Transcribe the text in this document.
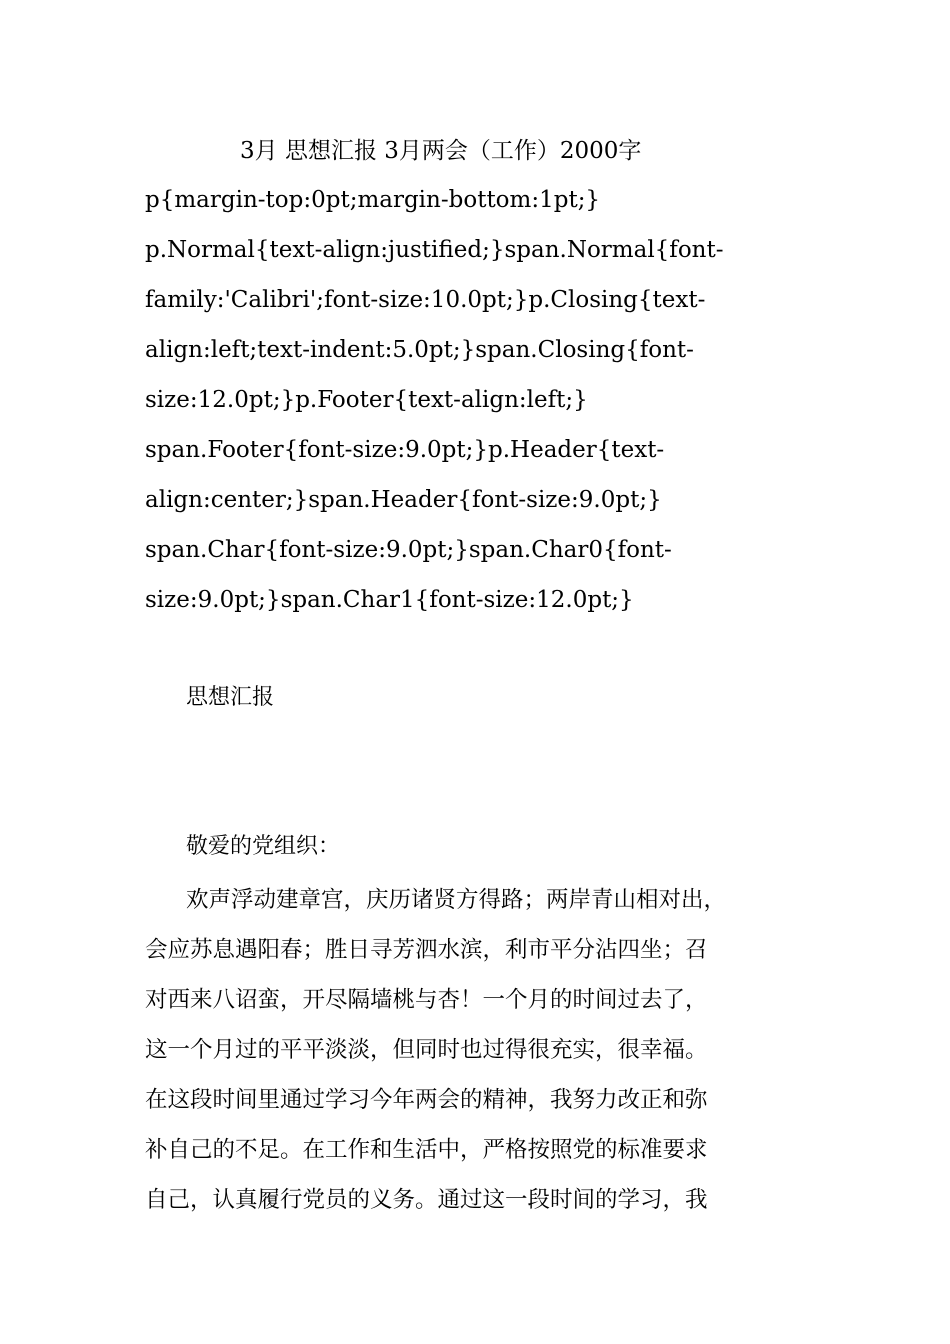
3月 思想汇报 3月两会（工作）2000字
p{margin-top:0pt;margin-bottom:1pt;}
p.Normal{text-align:justified;}span.Normal{font-
family:'Calibri';font-size:10.0pt;}p.Closing{text-
align:left;text-indent:5.0pt;}span.Closing{font-
size:12.0pt;}p.Footer{text-align:left;}
span.Footer{font-size:9.0pt;}p.Header{text-
align:center;}span.Header{font-size:9.0pt;}
span.Char{font-size:9.0pt;}span.Char0{font-
size:9.0pt;}span.Char1{font-size:12.0pt;}
思想汇报
敬爱的党组织：
欢声浮动建章宫，庆历诸贤方得路；两岸青山相对出，
会应苏息遇阳春；胜日寻芳泗水滨，利市平分沾四坐；召
对西来八诏蛮，开尽隔墙桃与杏！一个月的时间过去了，
这一个月过的平平淡淡，但同时也过得很充实，很幸福。
在这段时间里通过学习今年两会的精神，我努力改正和弥
补自己的不足。在工作和生活中，严格按照党的标准要求
自己，认真履行党员的义务。通过这一段时间的学习，我
